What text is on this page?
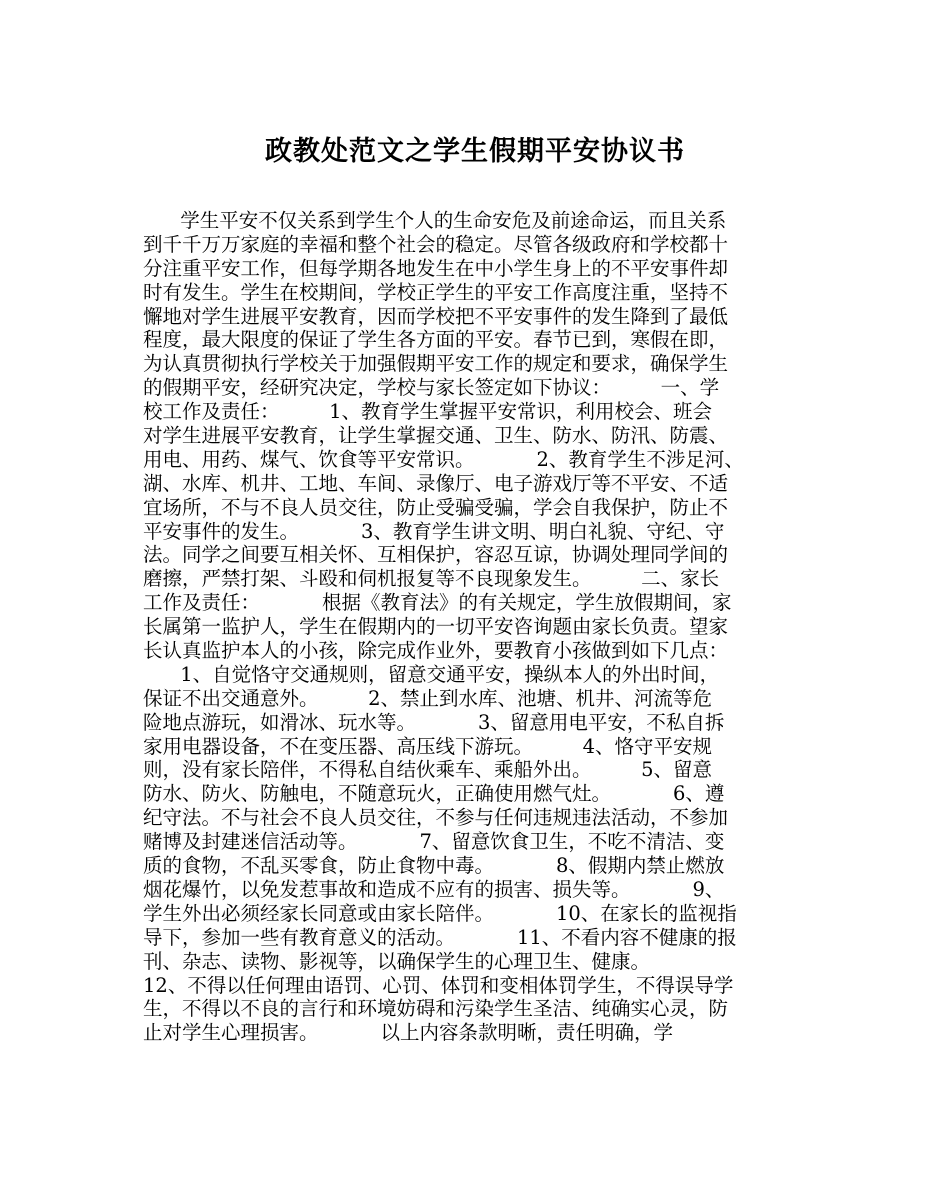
政教处范文之学生假期平安协议书
学生平安不仅关系到学生个人的生命安危及前途命运，而且关系
到千千万万家庭的幸福和整个社会的稳定。尽管各级政府和学校都十
分注重平安工作，但每学期各地发生在中小学生身上的不平安事件却
时有发生。学生在校期间，学校正学生的平安工作高度注重，坚持不
懈地对学生进展平安教育，因而学校把不平安事件的发生降到了最低
程度，最大限度的保证了学生各方面的平安。春节已到，寒假在即，
为认真贯彻执行学校关于加强假期平安工作的规定和要求，确保学生
的假期平安，经研究决定，学校与家长签定如下协议：        一、学
校工作及责任：        1、教育学生掌握平安常识，利用校会、班会
对学生进展平安教育，让学生掌握交通、卫生、防水、防汛、防震、
用电、用药、煤气、饮食等平安常识。          2、教育学生不涉足河、
湖、水库、机井、工地、车间、录像厅、电子游戏厅等不平安、不适
宜场所，不与不良人员交往，防止受骗受骗，学会自我保护，防止不
平安事件的发生。          3、教育学生讲文明、明白礼貌、守纪、守
法。同学之间要互相关怀、互相保护，容忍互谅，协调处理同学间的
磨擦，严禁打架、斗殴和伺机报复等不良现象发生。        二、家长
工作及责任：          根据《教育法》的有关规定，学生放假期间，家
长属第一监护人，学生在假期内的一切平安咨询题由家长负责。望家
长认真监护本人的小孩，除完成作业外，要教育小孩做到如下几点：
1、自觉恪守交通规则，留意交通平安，操纵本人的外出时间，
保证不出交通意外。        2、禁止到水库、池塘、机井、河流等危
险地点游玩，如滑冰、玩水等。          3、留意用电平安，不私自拆
家用电器设备，不在变压器、高压线下游玩。        4、恪守平安规
则，没有家长陪伴，不得私自结伙乘车、乘船外出。        5、留意
防水、防火、防触电，不随意玩火，正确使用燃气灶。          6、遵
纪守法。不与社会不良人员交往，不参与任何违规违法活动，不参加
赌博及封建迷信活动等。          7、留意饮食卫生，不吃不清洁、变
质的食物，不乱买零食，防止食物中毒。          8、假期内禁止燃放
烟花爆竹，以免发惹事故和造成不应有的损害、损失等。          9、
学生外出必须经家长同意或由家长陪伴。          10、在家长的监视指
导下，参加一些有教育意义的活动。          11、不看内容不健康的报
刊、杂志、读物、影视等，以确保学生的心理卫生、健康。
12、不得以任何理由语罚、心罚、体罚和变相体罚学生，不得误导学
生，不得以不良的言行和环境妨碍和污染学生圣洁、纯确实心灵，防
止对学生心理损害。          以上内容条款明晰，责任明确，学
